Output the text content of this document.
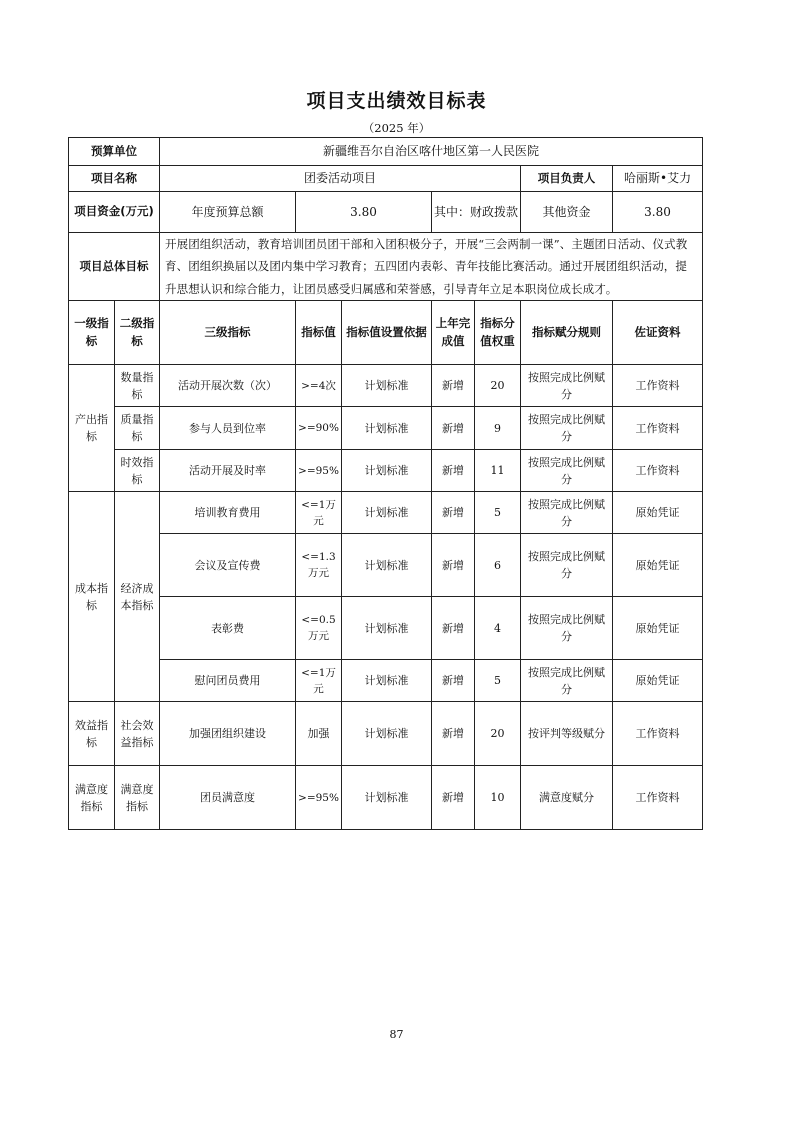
项目支出绩效目标表
（2025 年）
预算单位		新疆维吾尔自治区喀什地区第一人民医院						
项目名称		团委活动项目					项目负责人	哈丽斯•艾力
项目资金(万元)		年度预算总额	3.80		其中：财政拨款		其他资金	3.80
项目总体目标		开展团组织活动，教育培训团员团干部和入团积极分子，开展“三会两制一课”、主题团日活动、仪式教育、团组织换届以及团内集中学习教育；五四团内表彰、青年技能比赛活动。通过开展团组织活动，提升思想认识和综合能力，让团员感受归属感和荣誉感，引导青年立足本职岗位成长成才。						
一级指标	二级指标	三级指标	指标值	指标值设置依据	上年完成值	指标分值权重	指标赋分规则	佐证资料
产出指标	数量指标	活动开展次数（次）	>=4次	计划标准	新增	20	按照完成比例赋分	工作资料
	质量指标	参与人员到位率	>=90%	计划标准	新增	9	按照完成比例赋分	工作资料
	时效指标	活动开展及时率	>=95%	计划标准	新增	11	按照完成比例赋分	工作资料
成本指标	经济成本指标	培训教育费用	<=1万元	计划标准	新增	5	按照完成比例赋分	原始凭证
		会议及宣传费	<=1.3万元	计划标准	新增	6	按照完成比例赋分	原始凭证
		表彰费	<=0.5万元	计划标准	新增	4	按照完成比例赋分	原始凭证
		慰问团员费用	<=1万元	计划标准	新增	5	按照完成比例赋分	原始凭证
效益指标	社会效益指标	加强团组织建设	加强	计划标准	新增	20	按评判等级赋分	工作资料
满意度指标	满意度指标	团员满意度	>=95%	计划标准	新增	10	满意度赋分	工作资料
87
